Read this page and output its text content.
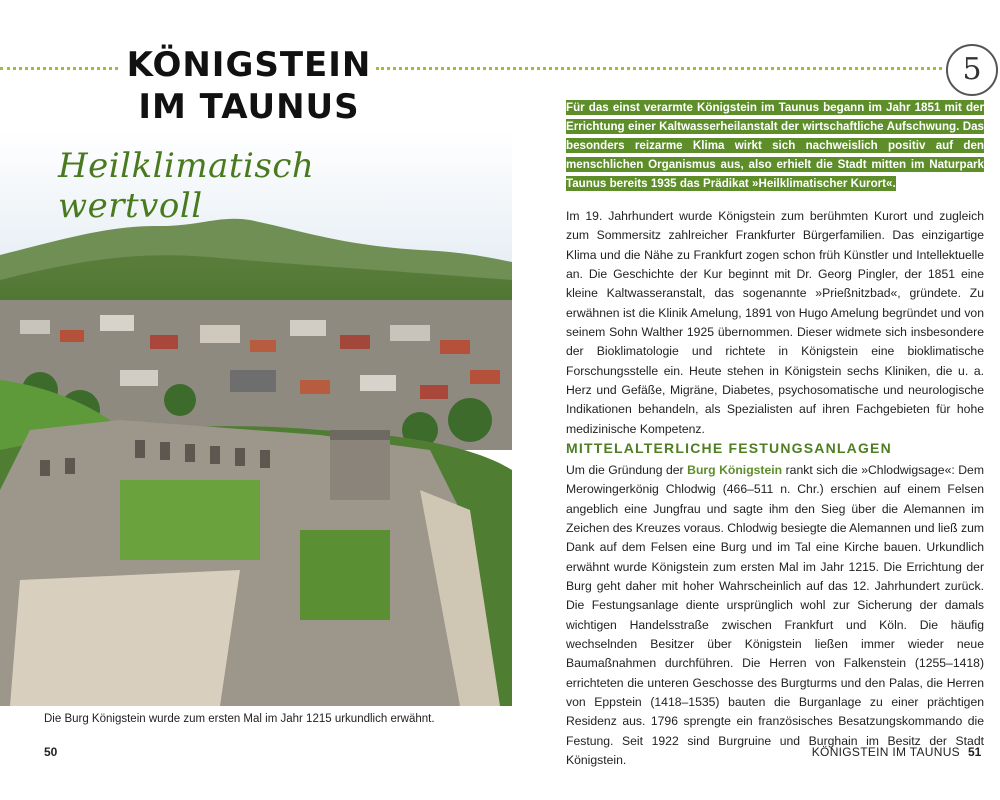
KÖNIGSTEIN
IM TAUNUS
5
Heilklimatisch wertvoll
Die Burg Königstein wurde zum ersten Mal im Jahr 1215 urkundlich erwähnt.
50	KÖNIGSTEIN IM TAUNUS 51
Für das einst verarmte Königstein im Taunus begann im Jahr 1851 mit der Errichtung einer Kaltwasserheilanstalt der wirtschaftliche Aufschwung. Das besonders reizarme Klima wirkt sich nachweislich positiv auf den menschlichen Organismus aus, also erhielt die Stadt mitten im Naturpark Taunus bereits 1935 das Prädikat »Heilklimatischer Kurort«.

Im 19. Jahrhundert wurde Königstein zum berühmten Kurort und zugleich zum Sommersitz zahlreicher Frankfurter Bürgerfamilien. Das einzigartige Klima und die Nähe zu Frankfurt zogen schon früh Künstler und Intellektuelle an. Die Geschichte der Kur beginnt mit Dr. Georg Pingler, der 1851 eine kleine Kaltwasseranstalt, das sogenannte »Prießnitzbad«, gründete. Zu erwähnen ist die Klinik Amelung, 1891 von Hugo Amelung begründet und von seinem Sohn Walther 1925 übernommen. Dieser widmete sich insbesondere der Bioklimatologie und richtete in Königstein eine bioklimatische Forschungsstelle ein. Heute stehen in Königstein sechs Kliniken, die u. a. Herz und Gefäße, Migräne, Diabetes, psychosomatische und neurologische Indikationen behandeln, als Spezialisten auf ihren Fachgebieten für hohe medizinische Kompetenz.

MITTELALTERLICHE FESTUNGSANLAGEN

Um die Gründung der Burg Königstein rankt sich die »Chlodwigsage«: Dem Merowingerkönig Chlodwig (466–511 n. Chr.) erschien auf einem Felsen angeblich eine Jungfrau und sagte ihm den Sieg über die Alemannen im Zeichen des Kreuzes voraus. Chlodwig besiegte die Alemannen und ließ zum Dank auf dem Felsen eine Burg und im Tal eine Kirche bauen. Urkundlich erwähnt wurde Königstein zum ersten Mal im Jahr 1215. Die Errichtung der Burg geht daher mit hoher Wahrscheinlich auf das 12. Jahrhundert zurück. Die Festungsanlage diente ursprünglich wohl zur Sicherung der damals wichtigen Handelsstraße zwischen Frankfurt und Köln. Die häufig wechselnden Besitzer über Königstein ließen immer wieder neue Baumaßnahmen durchführen. Die Herren von Falkenstein (1255–1418) errichteten die unteren Geschosse des Burgturms und den Palas, die Herren von Eppstein (1418–1535) bauten die Burganlage zu einer prächtigen Residenz aus. 1796 sprengte ein französisches Besatzungskommando die Festung. Seit 1922 sind Burgruine und Burghain im Besitz der Stadt Königstein.
